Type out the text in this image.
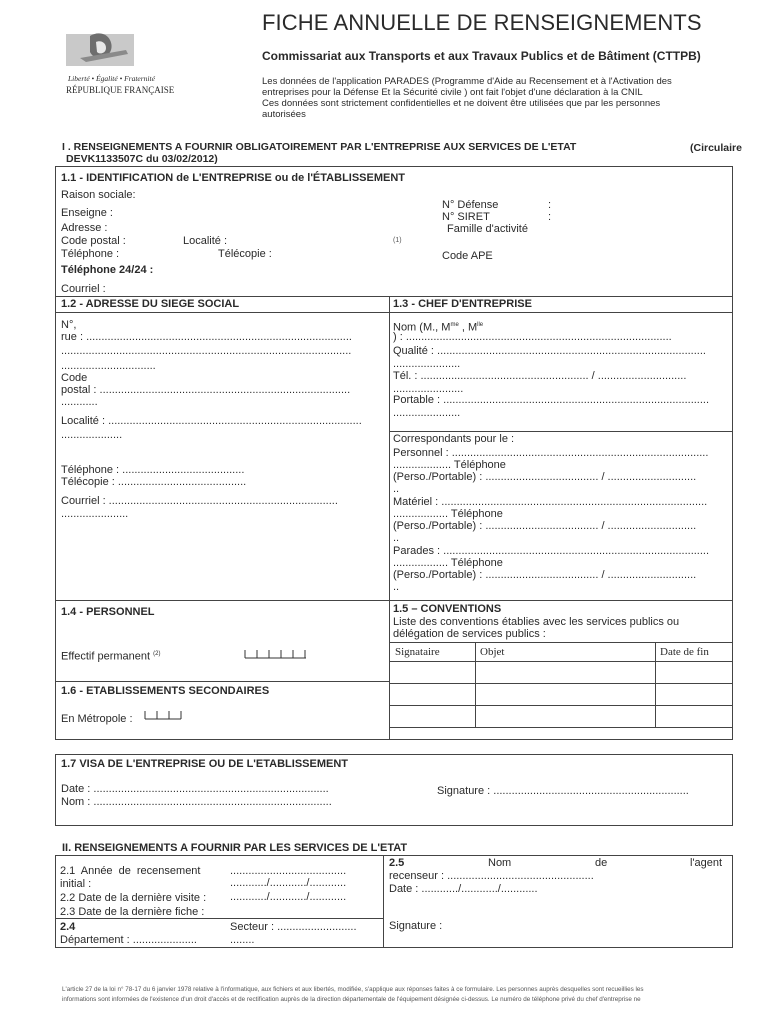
Liberté • Égalité • Fraternité
RÉPUBLIQUE FRANÇAISE
FICHE ANNUELLE DE RENSEIGNEMENTS
Commissariat aux Transports et aux Travaux Publics et de Bâtiment (CTTPB)
Les données de l'application PARADES (Programme d'Aide au Recensement et à l'Activation des
entreprises pour la Défense Et la Sécurité civile ) ont fait l'objet d'une déclaration à la CNIL
Ces données sont strictement confidentielles et ne doivent être utilisées que par les personnes
autorisées
I . RENSEIGNEMENTS A FOURNIR OBLIGATOIREMENT PAR L'ENTREPRISE AUX SERVICES DE L'ETAT	(Circulaire
DEVK1133507C du 03/02/2012)
1.1 - IDENTIFICATION de L'ENTREPRISE ou de l'ÉTABLISSEMENT
Raison sociale:
Enseigne :
Adresse :
Code postal :	Localité :
Téléphone :	Télécopie :
Téléphone 24/24 :
Courriel :
N° Défense	:
N° SIRET	:
Famille d'activité
(1)
Code APE
1.2 - ADRESSE DU SIEGE SOCIAL
N°,
rue : .......................................................................................
...............................................................................................
...............................
Code
postal : ..................................................................................
............
Localité : ...................................................................................
....................
Téléphone : ........................................
Télécopie : ..........................................
Courriel : ...........................................................................
......................
1.3 - CHEF D'ENTREPRISE
Nom (M., $M^{me}$ , $M^{lle}$
) : .......................................................................................
Qualité : ........................................................................................
......................
Tél. : ....................................................... / .............................
.......................
Portable : .......................................................................................
......................
Correspondants pour le :
Personnel : ....................................................................................
................... Téléphone
(Perso./Portable) : ..................................... / .............................
..
Matériel : .......................................................................................
.................. Téléphone
(Perso./Portable) : ..................................... / .............................
..
Parades : .......................................................................................
.................. Téléphone
(Perso./Portable) : ..................................... / .............................
..
1.4 - PERSONNEL
Effectif permanent $^{(2)}$
1.5 – CONVENTIONS
Liste des conventions établies avec les services publics ou
délégation de services publics :
Signataire	Objet	Date de fin
1.6 - ETABLISSEMENTS SECONDAIRES
En Métropole :
1.7 VISA DE L'ENTREPRISE OU DE L'ETABLISSEMENT
Date : .............................................................................
Nom : ..............................................................................
Signature : ................................................................
II. RENSEIGNEMENTS A FOURNIR PAR LES SERVICES DE L'ETAT
2.1 Année de recensement	......................................
initial :	............/............/............
2.2 Date de la dernière visite : ............/............/............
2.3 Date de la dernière fiche :
2.4	Secteur : ..........................
Département : .....................	........
2.5	Nom	de	l'agent
recenseur : ................................................
Date : ............/............/............
Signature :
L'article 27 de la loi n° 78-17 du 6 janvier 1978 relative à l'informatique, aux fichiers et aux libertés, modifiée, s'applique aux réponses faites à ce formulaire. Les personnes auprès desquelles sont recueillies les
informations sont informées de l'existence d'un droit d'accès et de rectification auprès de la direction départementale de l'équipement désignée ci-dessus. Le numéro de téléphone privé du chef d'entreprise ne
